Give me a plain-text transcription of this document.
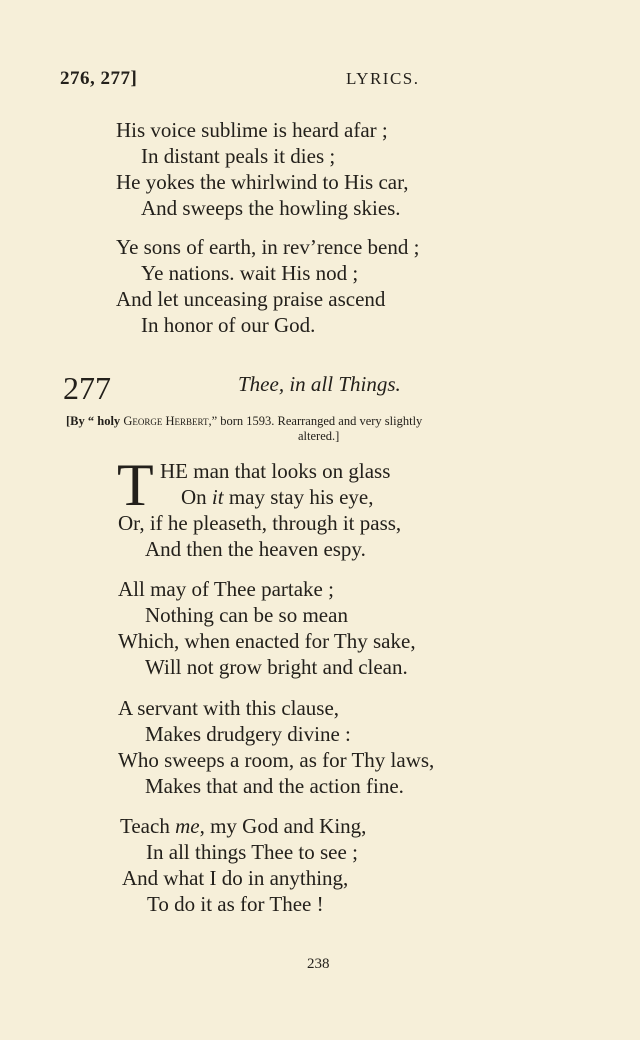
276, 277]	LYRICS.
His voice sublime is heard afar ;
In distant peals it dies ;
He yokes the whirlwind to His car,
And sweeps the howling skies.
Ye sons of earth, in rev’rence bend ;
Ye nations. wait His nod ;
And let unceasing praise ascend
In honor of our God.
277	Thee, in all Things.
[By “ holy George Herbert,” born 1593. Rearranged and very slightly
altered.]
T HE man that looks on glass
On it may stay his eye,
Or, if he pleaseth, through it pass,
And then the heaven espy.
All may of Thee partake ;
Nothing can be so mean
Which, when enacted for Thy sake,
Will not grow bright and clean.
A servant with this clause,
Makes drudgery divine :
Who sweeps a room, as for Thy laws,
Makes that and the action fine.
Teach me, my God and King,
In all things Thee to see ;
And what I do in anything,
To do it as for Thee !
238
